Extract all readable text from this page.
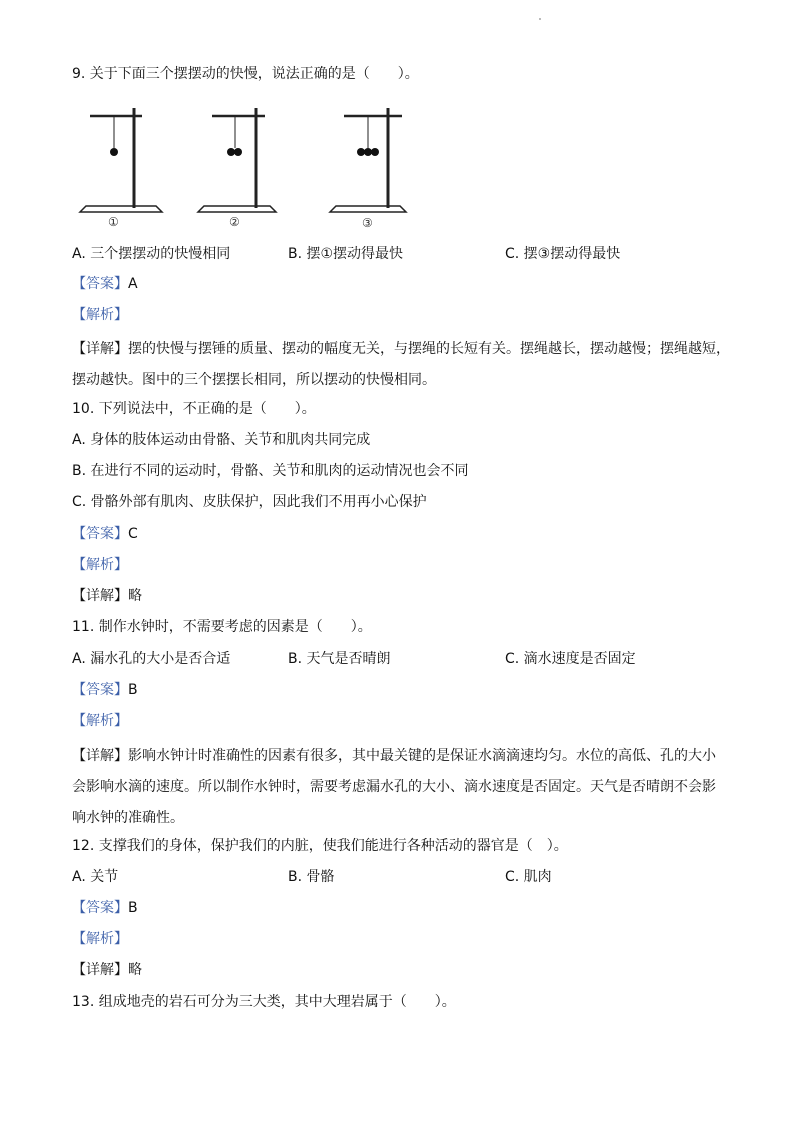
9. 关于下面三个摆摆动的快慢，说法正确的是（　　）。
①	②	③
A. 三个摆摆动的快慢相同	B. 摆①摆动得最快	C. 摆③摆动得最快
【答案】A
【解析】

【详解】摆的快慢与摆锤的质量、摆动的幅度无关，与摆绳的长短有关。摆绳越长，摆动越慢；摆绳越短，

摆动越快。图中的三个摆摆长相同，所以摆动的快慢相同。

10. 下列说法中，不正确的是（　　）。
A. 身体的肢体运动由骨骼、关节和肌肉共同完成
B. 在进行不同的运动时，骨骼、关节和肌肉的运动情况也会不同
C. 骨骼外部有肌肉、皮肤保护，因此我们不用再小心保护
【答案】C
【解析】
【详解】略
11. 制作水钟时，不需要考虑的因素是（　　）。
A. 漏水孔的大小是否合适	B. 天气是否晴朗	C. 滴水速度是否固定
【答案】B
【解析】

【详解】影响水钟计时准确性的因素有很多，其中最关键的是保证水滴滴速均匀。水位的高低、孔的大小

会影响水滴的速度。所以制作水钟时，需要考虑漏水孔的大小、滴水速度是否固定。天气是否晴朗不会影

响水钟的准确性。

12. 支撑我们的身体，保护我们的内脏，使我们能进行各种活动的器官是（　）。
A. 关节	B. 骨骼	C. 肌肉
【答案】B
【解析】
【详解】略
13. 组成地壳的岩石可分为三大类，其中大理岩属于（　　）。
